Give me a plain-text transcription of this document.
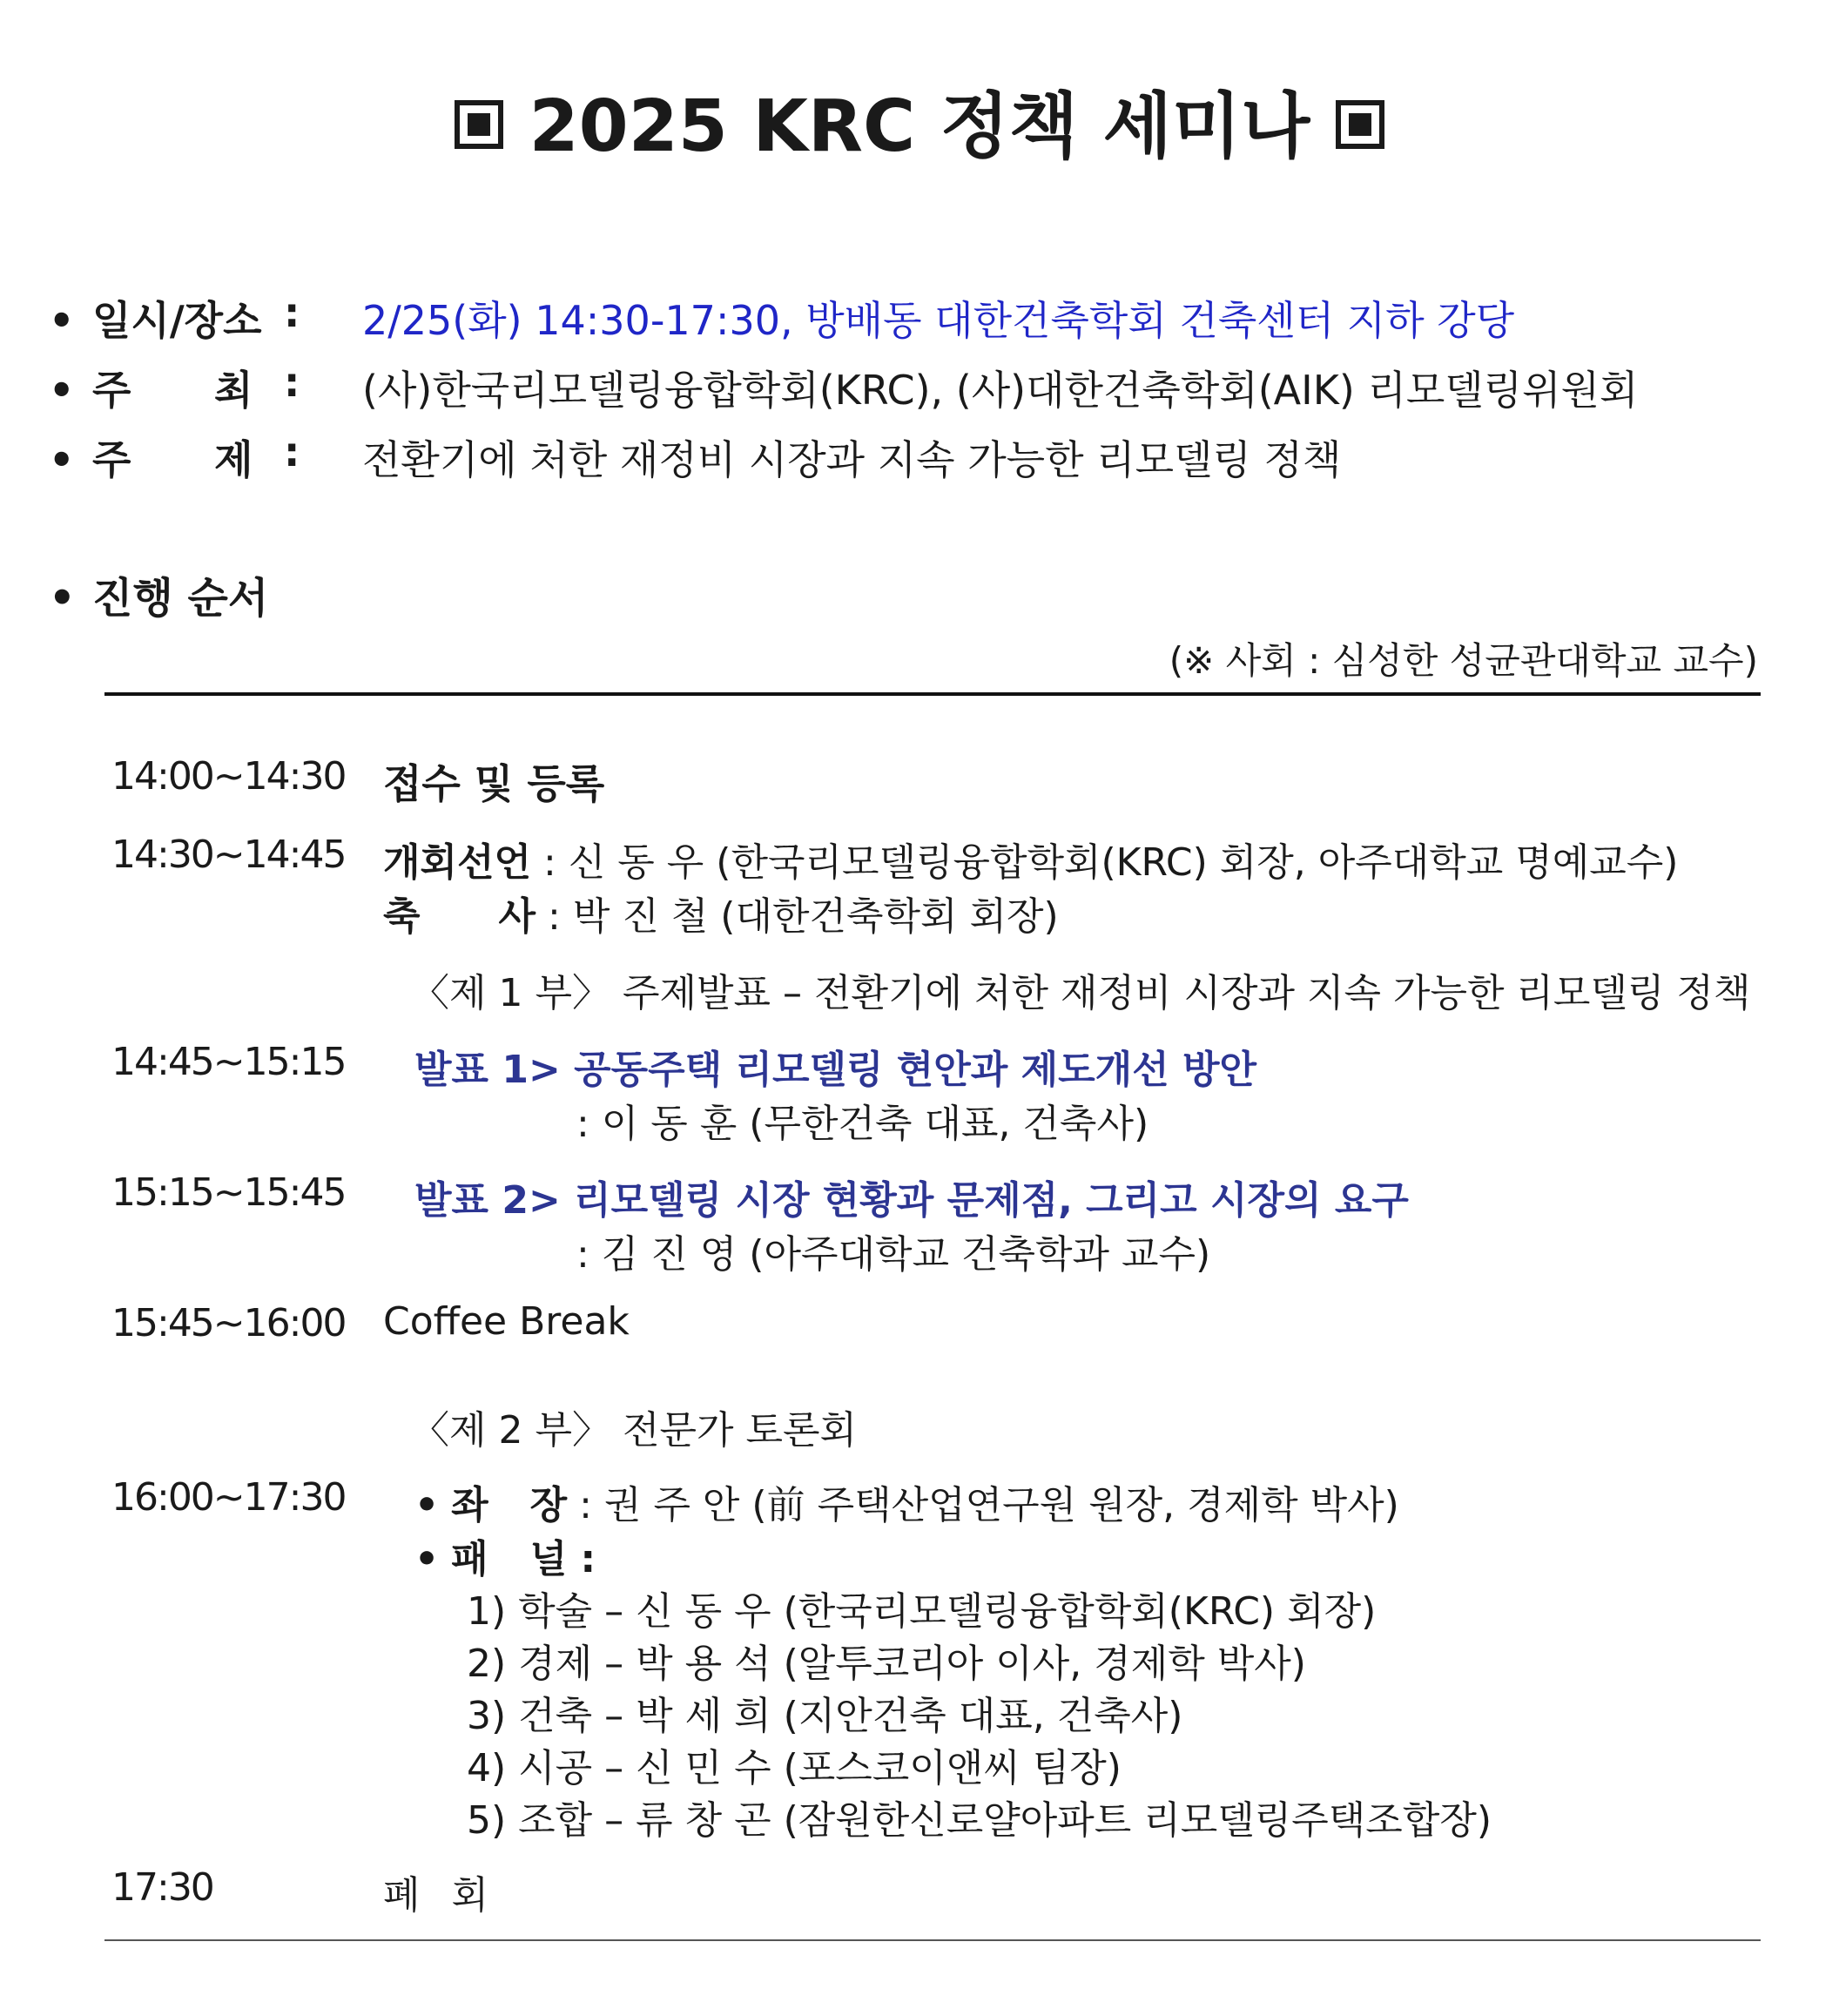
2025 KRC 정책 세미나
• 일시/장소 : 2/25(화) 14:30-17:30, 방배동 대한건축학회 건축센터 지하 강당
• 주 최 : (사)한국리모델링융합학회(KRC), (사)대한건축학회(AIK) 리모델링위원회
• 주 제 : 전환기에 처한 재정비 시장과 지속 가능한 리모델링 정책
• 진행 순서
(※ 사회 : 심성한 성균관대학교 교수)
14:00~14:30 접수 및 등록
14:30~14:45 개회선언 : 신 동 우 (한국리모델링융합학회(KRC) 회장, 아주대학교 명예교수)
축 사 : 박 진 철 (대한건축학회 회장)
〈제 1 부〉 주제발표 – 전환기에 처한 재정비 시장과 지속 가능한 리모델링 정책
14:45~15:15 발표 1> 공동주택 리모델링 현안과 제도개선 방안
: 이 동 훈 (무한건축 대표, 건축사)
15:15~15:45 발표 2> 리모델링 시장 현황과 문제점, 그리고 시장의 요구
: 김 진 영 (아주대학교 건축학과 교수)
15:45~16:00 Coffee Break
〈제 2 부〉 전문가 토론회
16:00~17:30 • 좌 장 : 권 주 안 (前 주택산업연구원 원장, 경제학 박사)
• 패 널 :
1) 학술 – 신 동 우 (한국리모델링융합학회(KRC) 회장)
2) 경제 – 박 용 석 (알투코리아 이사, 경제학 박사)
3) 건축 – 박 세 희 (지안건축 대표, 건축사)
4) 시공 – 신 민 수 (포스코이앤씨 팀장)
5) 조합 – 류 창 곤 (잠원한신로얄아파트 리모델링주택조합장)
17:30	폐 회
